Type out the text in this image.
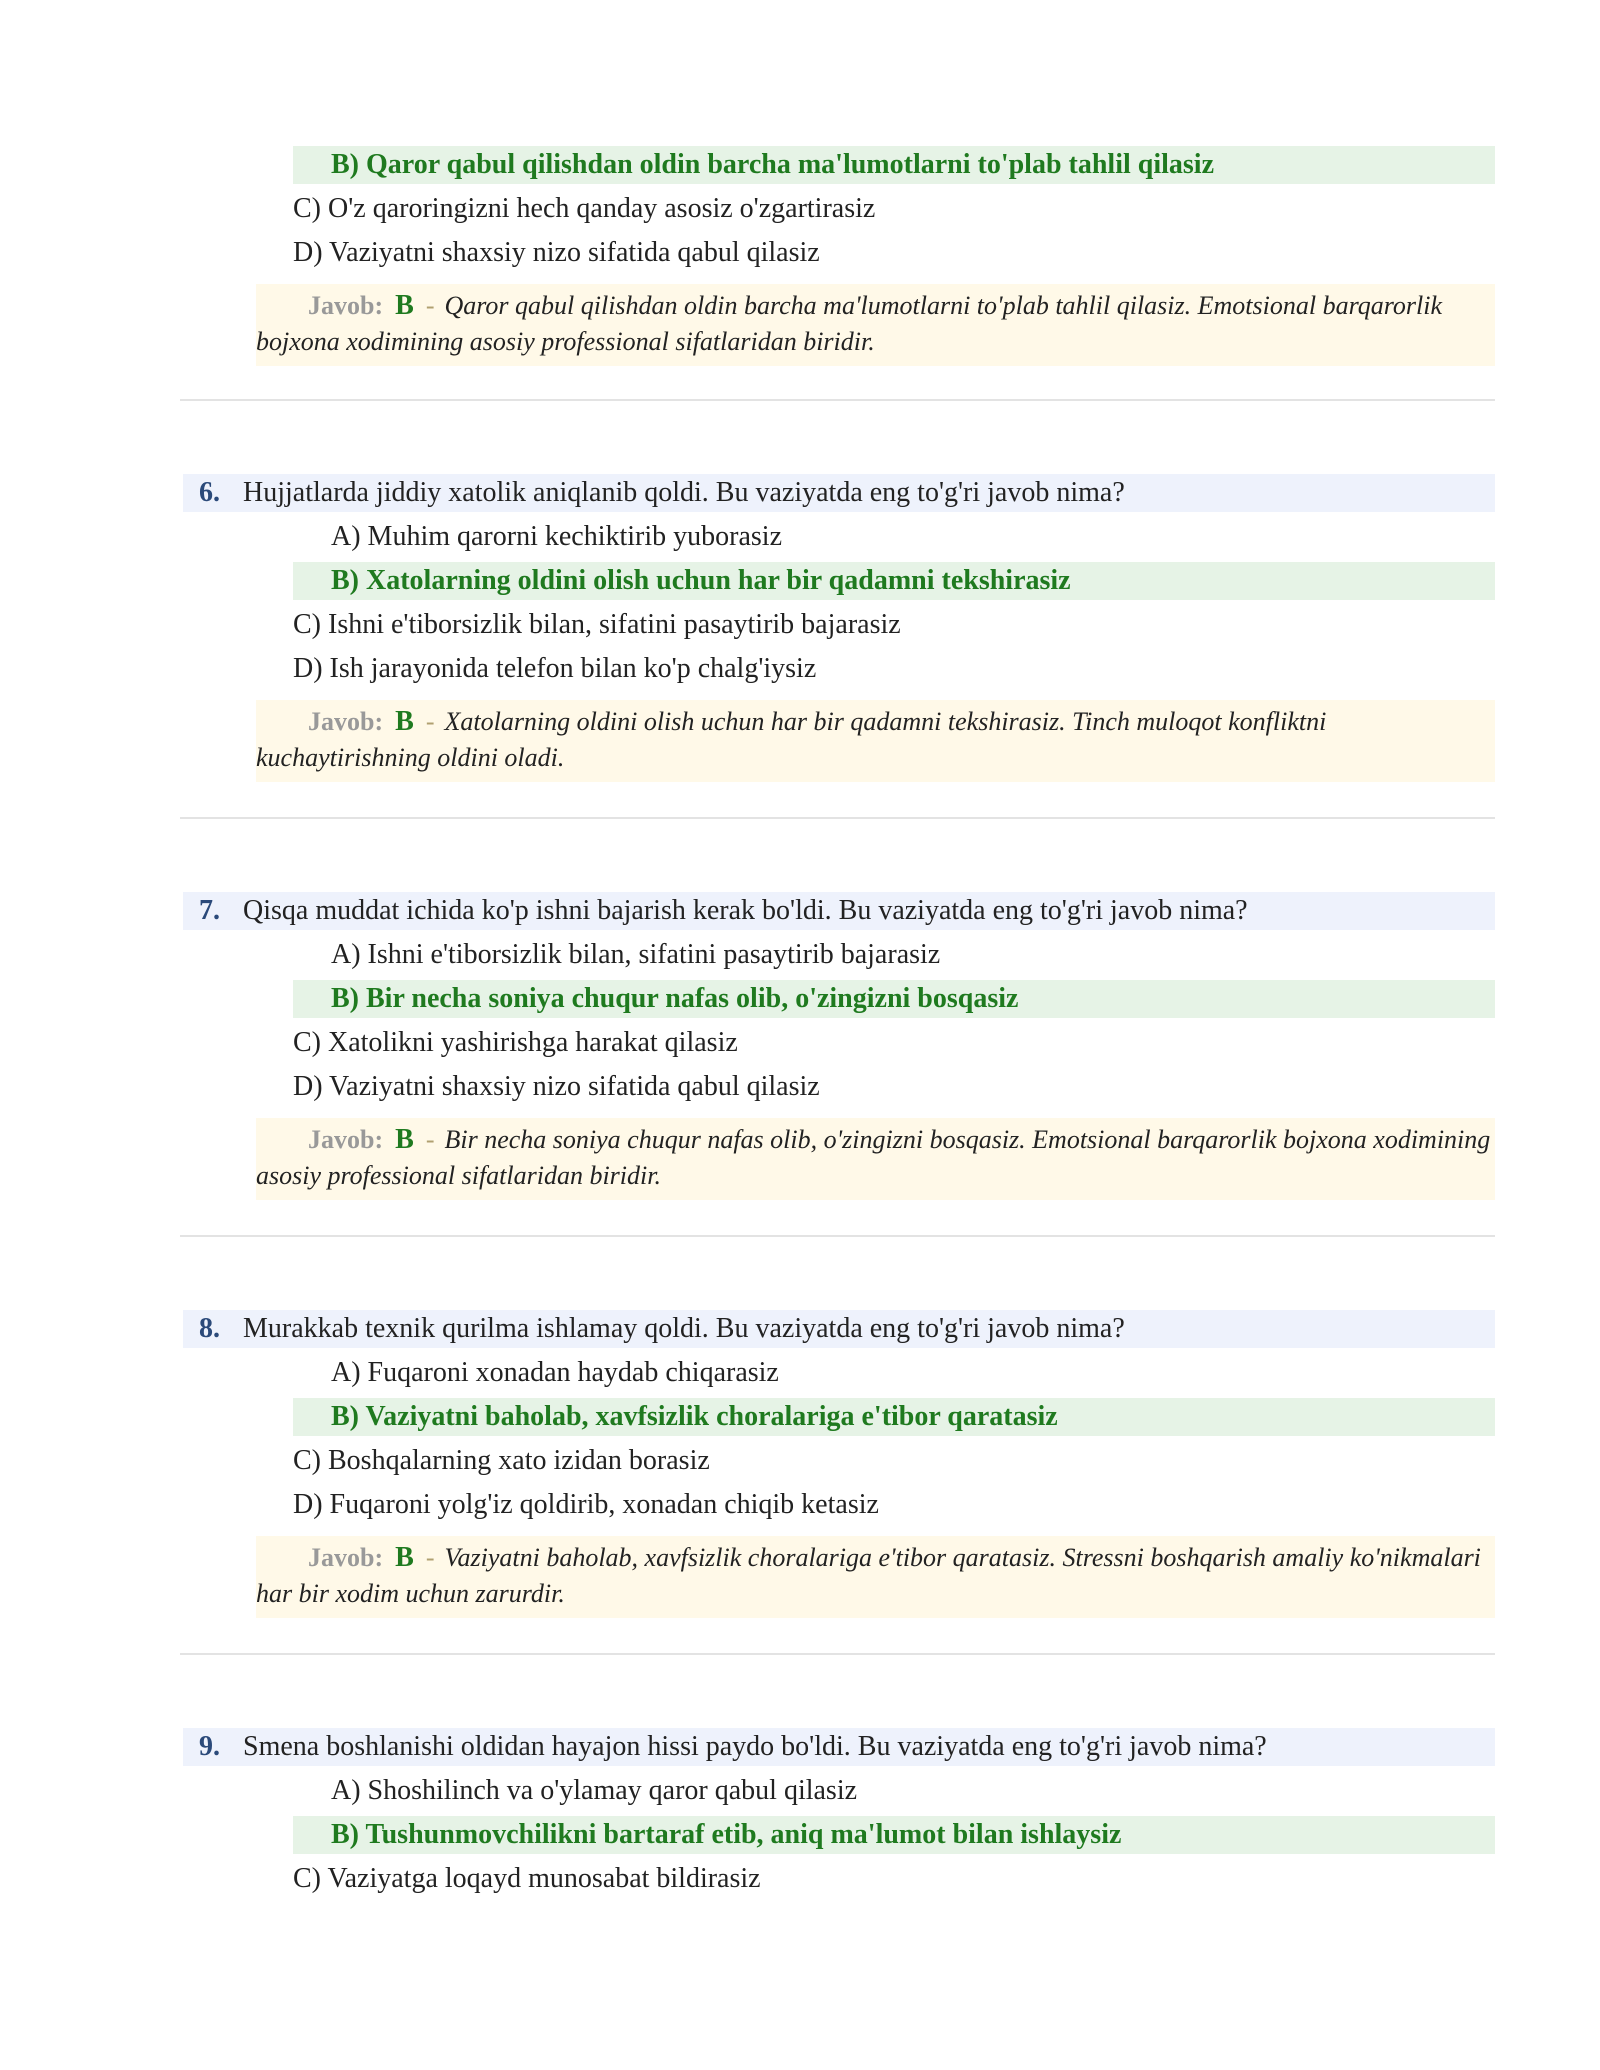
B) Qaror qabul qilishdan oldin barcha ma'lumotlarni to'plab tahlil qilasiz
C) O'z qaroringizni hech qanday asosiz o'zgartirasiz
D) Vaziyatni shaxsiy nizo sifatida qabul qilasiz
Javob: B - Qaror qabul qilishdan oldin barcha ma'lumotlarni to'plab tahlil qilasiz. Emotsional barqarorlik bojxona xodimining asosiy professional sifatlaridan biridir.
6. Hujjatlarda jiddiy xatolik aniqlanib qoldi. Bu vaziyatda eng to'g'ri javob nima?
A) Muhim qarorni kechiktirib yuborasiz
B) Xatolarning oldini olish uchun har bir qadamni tekshirasiz
C) Ishni e'tiborsizlik bilan, sifatini pasaytirib bajarasiz
D) Ish jarayonida telefon bilan ko'p chalg'iysiz
Javob: B - Xatolarning oldini olish uchun har bir qadamni tekshirasiz. Tinch muloqot konfliktni kuchaytirishning oldini oladi.
7. Qisqa muddat ichida ko'p ishni bajarish kerak bo'ldi. Bu vaziyatda eng to'g'ri javob nima?
A) Ishni e'tiborsizlik bilan, sifatini pasaytirib bajarasiz
B) Bir necha soniya chuqur nafas olib, o'zingizni bosqasiz
C) Xatolikni yashirishga harakat qilasiz
D) Vaziyatni shaxsiy nizo sifatida qabul qilasiz
Javob: B - Bir necha soniya chuqur nafas olib, o'zingizni bosqasiz. Emotsional barqarorlik bojxona xodimining asosiy professional sifatlaridan biridir.
8. Murakkab texnik qurilma ishlamay qoldi. Bu vaziyatda eng to'g'ri javob nima?
A) Fuqaroni xonadan haydab chiqarasiz
B) Vaziyatni baholab, xavfsizlik choralariga e'tibor qaratasiz
C) Boshqalarning xato izidan borasiz
D) Fuqaroni yolg'iz qoldirib, xonadan chiqib ketasiz
Javob: B - Vaziyatni baholab, xavfsizlik choralariga e'tibor qaratasiz. Stressni boshqarish amaliy ko'nikmalari har bir xodim uchun zarurdir.
9. Smena boshlanishi oldidan hayajon hissi paydo bo'ldi. Bu vaziyatda eng to'g'ri javob nima?
A) Shoshilinch va o'ylamay qaror qabul qilasiz
B) Tushunmovchilikni bartaraf etib, aniq ma'lumot bilan ishlaysiz
C) Vaziyatga loqayd munosabat bildirasiz
